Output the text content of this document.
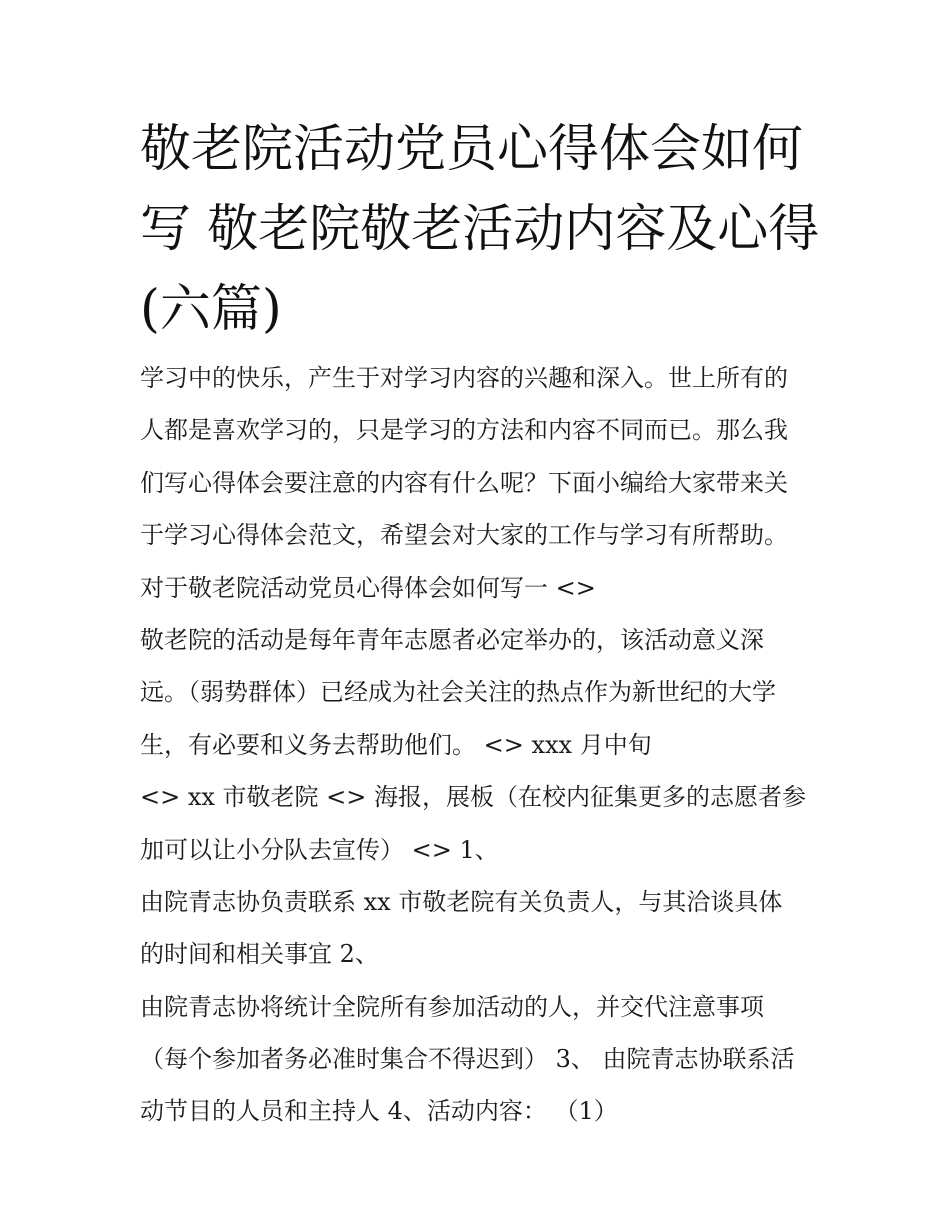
敬老院活动党员心得体会如何
写 敬老院敬老活动内容及心得
(六篇)
学习中的快乐，产生于对学习内容的兴趣和深入。世上所有的
人都是喜欢学习的，只是学习的方法和内容不同而已。那么我
们写心得体会要注意的内容有什么呢？下面小编给大家带来关
于学习心得体会范文，希望会对大家的工作与学习有所帮助。
对于敬老院活动党员心得体会如何写一 <>
敬老院的活动是每年青年志愿者必定举办的，该活动意义深
远。（弱势群体）已经成为社会关注的热点作为新世纪的大学
生，有必要和义务去帮助他们。 <> xxx 月中旬
<> xx 市敬老院 <> 海报，展板（在校内征集更多的志愿者参
加可以让小分队去宣传） <> 1、
由院青志协负责联系 xx 市敬老院有关负责人，与其洽谈具体
的时间和相关事宜 2、
由院青志协将统计全院所有参加活动的人，并交代注意事项
（每个参加者务必准时集合不得迟到） 3、 由院青志协联系活
动节目的人员和主持人 4、活动内容： （1）
